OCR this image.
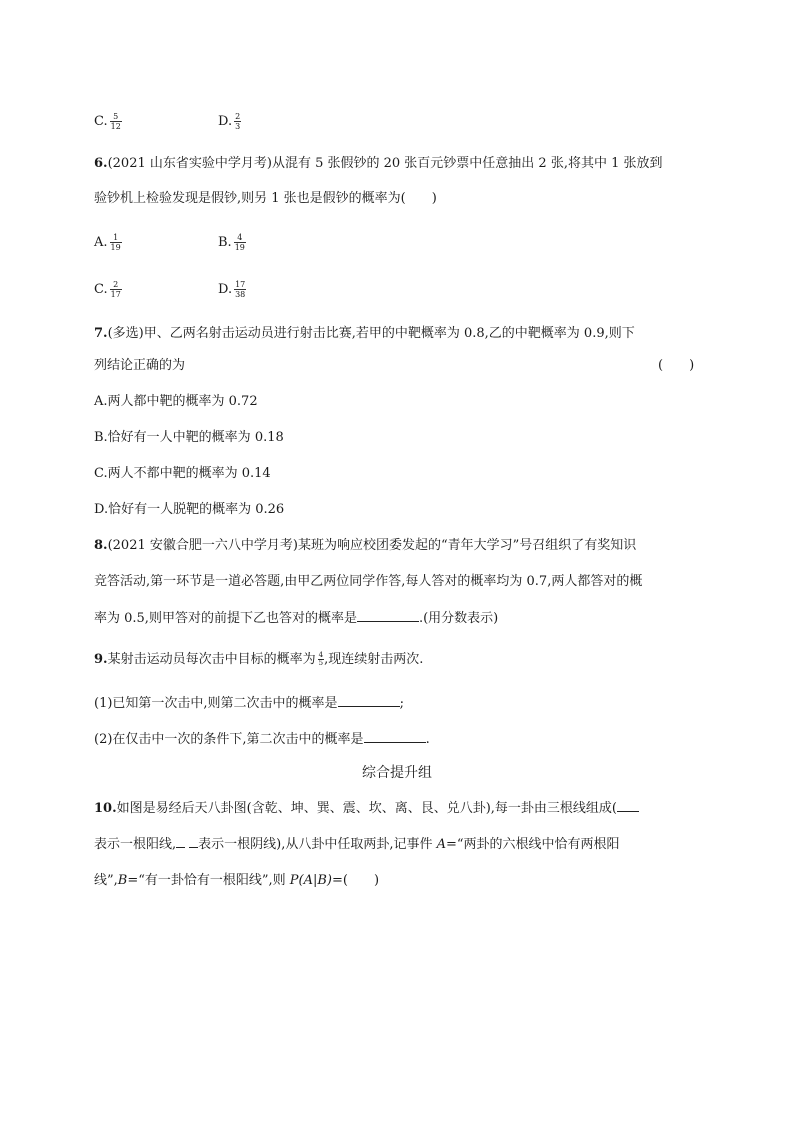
C. $\frac{5}{12}$	D. $\frac{2}{3}$
6.(2021 山东省实验中学月考)从混有 5 张假钞的 20 张百元钞票中任意抽出 2 张,将其中 1 张放到
验钞机上检验发现是假钞,则另 1 张也是假钞的概率为(　　)
A. $\frac{1}{19}$	B. $\frac{4}{19}$
C. $\frac{2}{17}$	D. $\frac{17}{38}$
7.(多选)甲、乙两名射击运动员进行射击比赛,若甲的中靶概率为 0.8,乙的中靶概率为 0.9,则下
列结论正确的为	(　　)
A.两人都中靶的概率为 0.72
B.恰好有一人中靶的概率为 0.18
C.两人不都中靶的概率为 0.14
D.恰好有一人脱靶的概率为 0.26
8.(2021 安徽合肥一六八中学月考)某班为响应校团委发起的“青年大学习”号召组织了有奖知识
竞答活动,第一环节是一道必答题,由甲乙两位同学作答,每人答对的概率均为 0.7,两人都答对的概
率为 0.5,则甲答对的前提下乙也答对的概率是	.(用分数表示)
9.某射击运动员每次击中目标的概率为 $\frac{4}{5}$ ,现连续射击两次.
(1)已知第一次击中,则第二次击中的概率是	;
(2)在仅击中一次的条件下,第二次击中的概率是	.
综合提升组
10.如图是易经后天八卦图(含乾、坤、巽、震、坎、离、艮、兑八卦),每一卦由三根线组成(
表示一根阳线, 表示一根阴线),从八卦中任取两卦,记事件 A=“两卦的六根线中恰有两根阳
线”,B=“有一卦恰有一根阳线”,则 P(A|B)=(　　)
